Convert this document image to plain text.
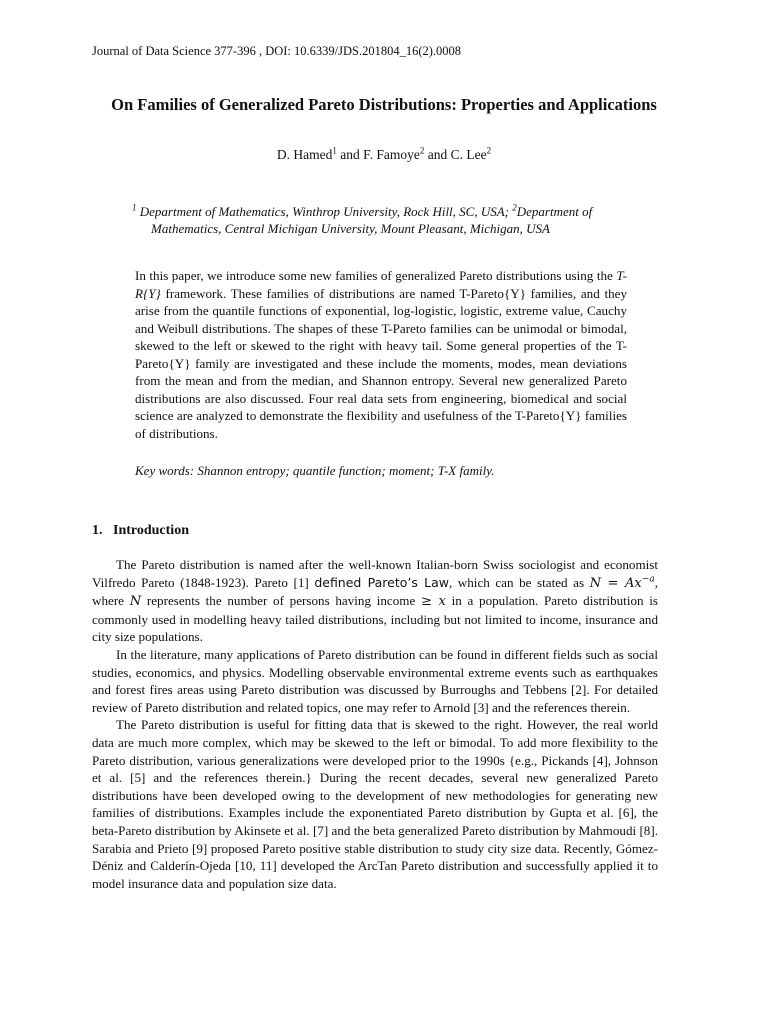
Journal of Data Science 377-396 , DOI: 10.6339/JDS.201804_16(2).0008
On Families of Generalized Pareto Distributions: Properties and Applications
D. Hamed$^1$ and F. Famoye$^2$ and C. Lee$^2$
$^1$ Department of Mathematics, Winthrop University, Rock Hill, SC, USA; $^2$Department of
Mathematics, Central Michigan University, Mount Pleasant, Michigan, USA
In this paper, we introduce some new families of generalized Pareto distributions using the T-R{Y} framework. These families of distributions are named T-Pareto{Y} families, and they arise from the quantile functions of exponential, log-logistic, logistic, extreme value, Cauchy and Weibull distributions. The shapes of these T-Pareto families can be unimodal or bimodal, skewed to the left or skewed to the right with heavy tail. Some general properties of the T-Pareto{Y} family are investigated and these include the moments, modes, mean deviations from the mean and from the median, and Shannon entropy. Several new generalized Pareto distributions are also discussed. Four real data sets from engineering, biomedical and social science are analyzed to demonstrate the flexibility and usefulness of the T-Pareto{Y} families of distributions.
Key words: Shannon entropy; quantile function; moment; T-X family.
1. Introduction

The Pareto distribution is named after the well-known Italian-born Swiss sociologist and economist Vilfredo Pareto (1848-1923). Pareto [1] defined Pareto’s Law, which can be stated as $N = Ax^{-a}$, where N represents the number of persons having income ≥ x in a population. Pareto distribution is commonly used in modelling heavy tailed distributions, including but not limited to income, insurance and city size populations.

In the literature, many applications of Pareto distribution can be found in different fields such as social studies, economics, and physics. Modelling observable environmental extreme events such as earthquakes and forest fires areas using Pareto distribution was discussed by Burroughs and Tebbens [2]. For detailed review of Pareto distribution and related topics, one may refer to Arnold [3] and the references therein.

The Pareto distribution is useful for fitting data that is skewed to the right. However, the real world data are much more complex, which may be skewed to the left or bimodal. To add more flexibility to the Pareto distribution, various generalizations were developed prior to the 1990s {e.g., Pickands [4], Johnson et al. [5] and the references therein.} During the recent decades, several new generalized Pareto distributions have been developed owing to the development of new methodologies for generating new families of distributions. Examples include the exponentiated Pareto distribution by Gupta et al. [6], the beta-Pareto distribution by Akinsete et al. [7] and the beta generalized Pareto distribution by Mahmoudi [8]. Sarabia and Prieto [9] proposed Pareto positive stable distribution to study city size data. Recently, Gómez-Déniz and Calderín-Ojeda [10, 11] developed the ArcTan Pareto distribution and successfully applied it to model insurance data and population size data.
